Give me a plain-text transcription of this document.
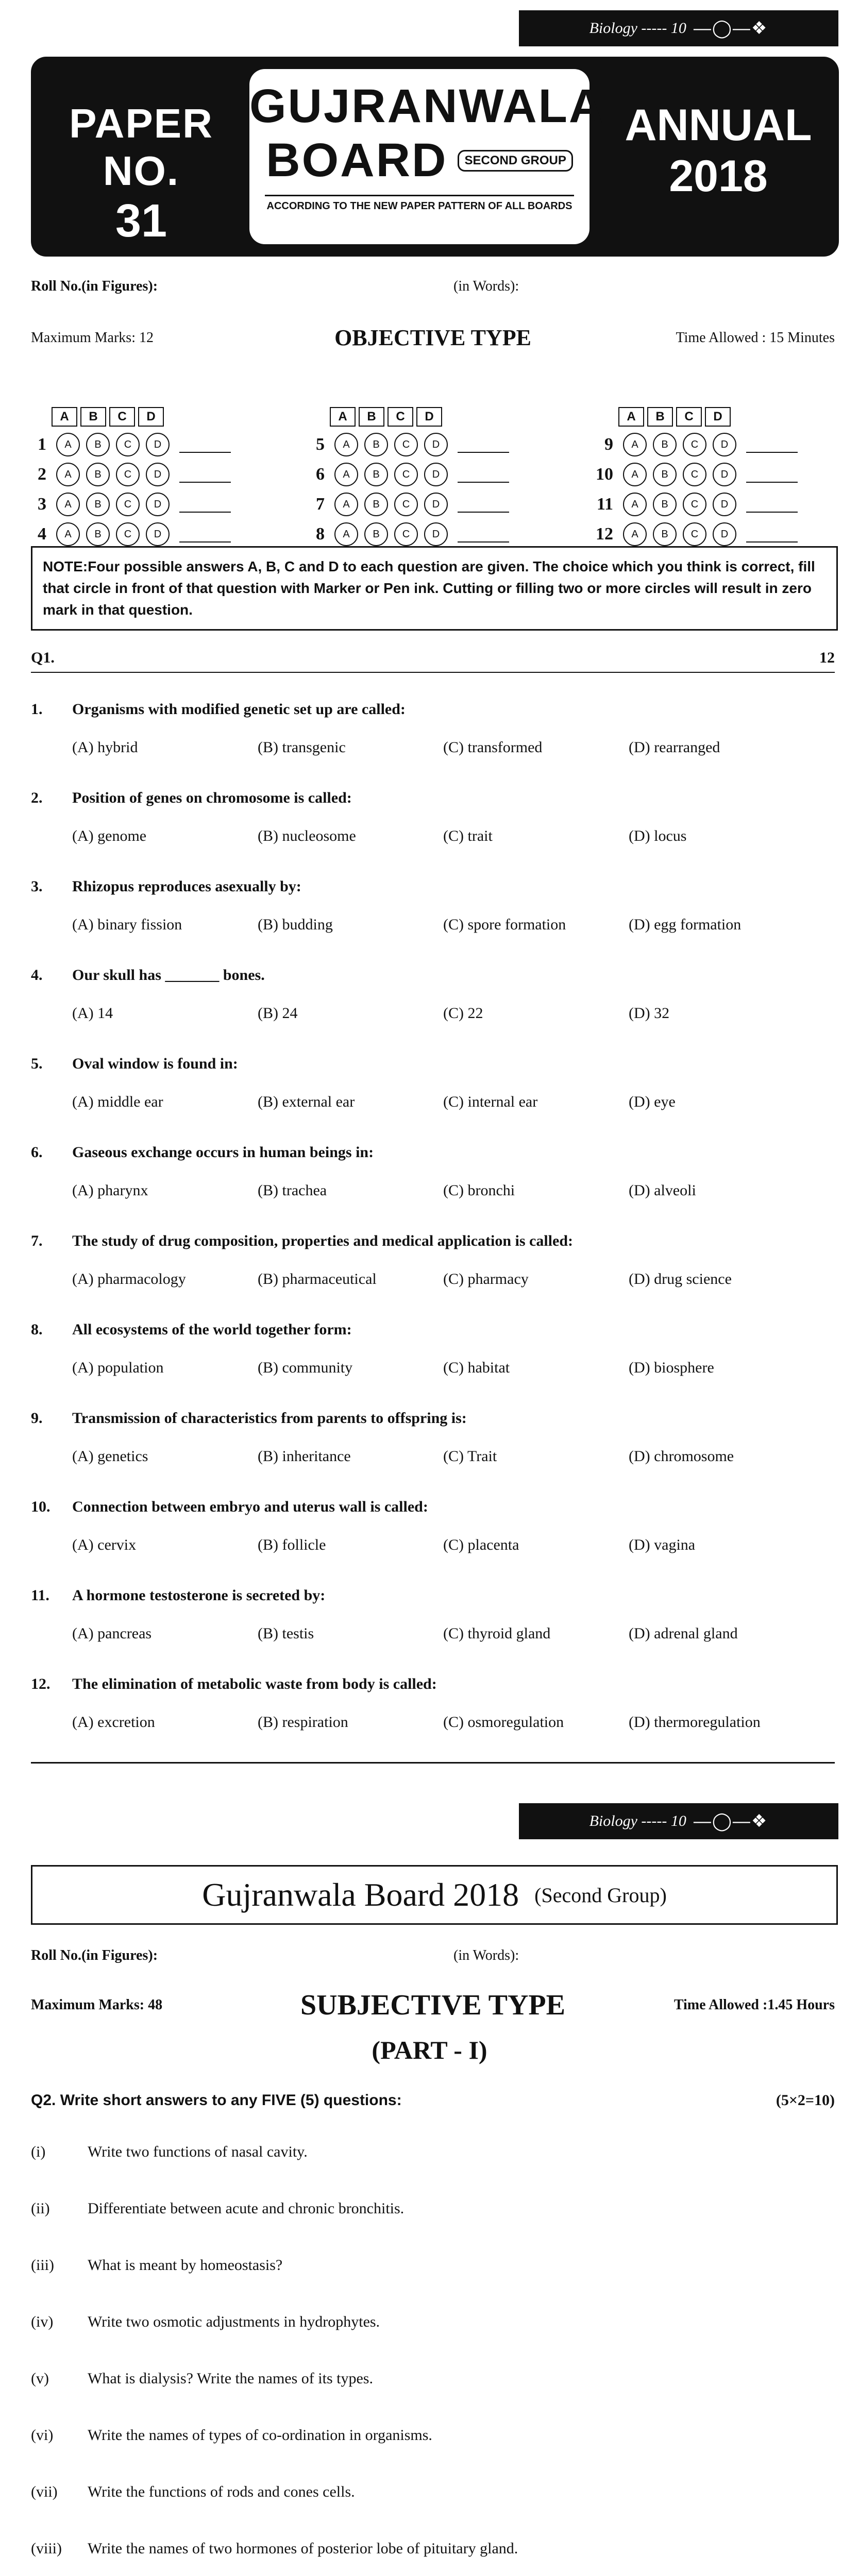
Biology ----- 10 —◯—❖
PAPER NO.
31
GUJRANWALA
BOARD	SECOND GROUP
ACCORDING TO THE NEW PAPER PATTERN OF ALL BOARDS
ANNUAL
2018
Roll No.(in Figures):	(in Words):
Maximum Marks: 12	OBJECTIVE TYPE	Time Allowed : 15 Minutes
A	B	C	D
1	A	B	C	D
2	A	B	C	D
3	A	B	C	D
4	A	B	C	D
A	B	C	D
5	A	B	C	D
6	A	B	C	D
7	A	B	C	D
8	A	B	C	D
A	B	C	D
9	A	B	C	D
10	A	B	C	D
11	A	B	C	D
12	A	B	C	D
NOTE:Four possible answers A, B, C and D to each question are given. The choice which you think is correct, fill that circle in front of that question with Marker or Pen ink. Cutting or filling two or more circles will result in zero mark in that question.
Q1.	12
1. Organisms with modified genetic set up are called:
(A) hybrid	(B) transgenic	(C) transformed	(D) rearranged
2. Position of genes on chromosome is called:
(A) genome	(B) nucleosome	(C) trait	(D) locus
3. Rhizopus reproduces asexually by:
(A) binary fission	(B) budding	(C) spore formation	(D) egg formation
4. Our skull has _______ bones.
(A) 14	(B) 24	(C) 22	(D) 32
5. Oval window is found in:
(A) middle ear	(B) external ear	(C) internal ear	(D) eye
6. Gaseous exchange occurs in human beings in:
(A) pharynx	(B) trachea	(C) bronchi	(D) alveoli
7. The study of drug composition, properties and medical application is called:
(A) pharmacology	(B) pharmaceutical	(C) pharmacy	(D) drug science
8. All ecosystems of the world together form:
(A) population	(B) community	(C) habitat	(D) biosphere
9. Transmission of characteristics from parents to offspring is:
(A) genetics	(B) inheritance	(C) Trait	(D) chromosome
10. Connection between embryo and uterus wall is called:
(A) cervix	(B) follicle	(C) placenta	(D) vagina
11. A hormone testosterone is secreted by:
(A) pancreas	(B) testis	(C) thyroid gland	(D) adrenal gland
12. The elimination of metabolic waste from body is called:
(A) excretion	(B) respiration	(C) osmoregulation	(D) thermoregulation
Biology ----- 10 —◯—❖
Gujranwala Board 2018 (Second Group)
Roll No.(in Figures):	(in Words):
Maximum Marks: 48	SUBJECTIVE TYPE	Time Allowed :1.45 Hours
(PART - I)
Q2. Write short answers to any FIVE (5) questions:	(5×2=10)
(i)	Write two functions of nasal cavity.
(ii) Differentiate between acute and chronic bronchitis.
(iii) What is meant by homeostasis?
(iv) Write two osmotic adjustments in hydrophytes.
(v)	What is dialysis? Write the names of its types.
(vi) Write the names of types of co-ordination in organisms.
(vii) Write the functions of rods and cones cells.
(viii) Write the names of two hormones of posterior lobe of pituitary gland.
